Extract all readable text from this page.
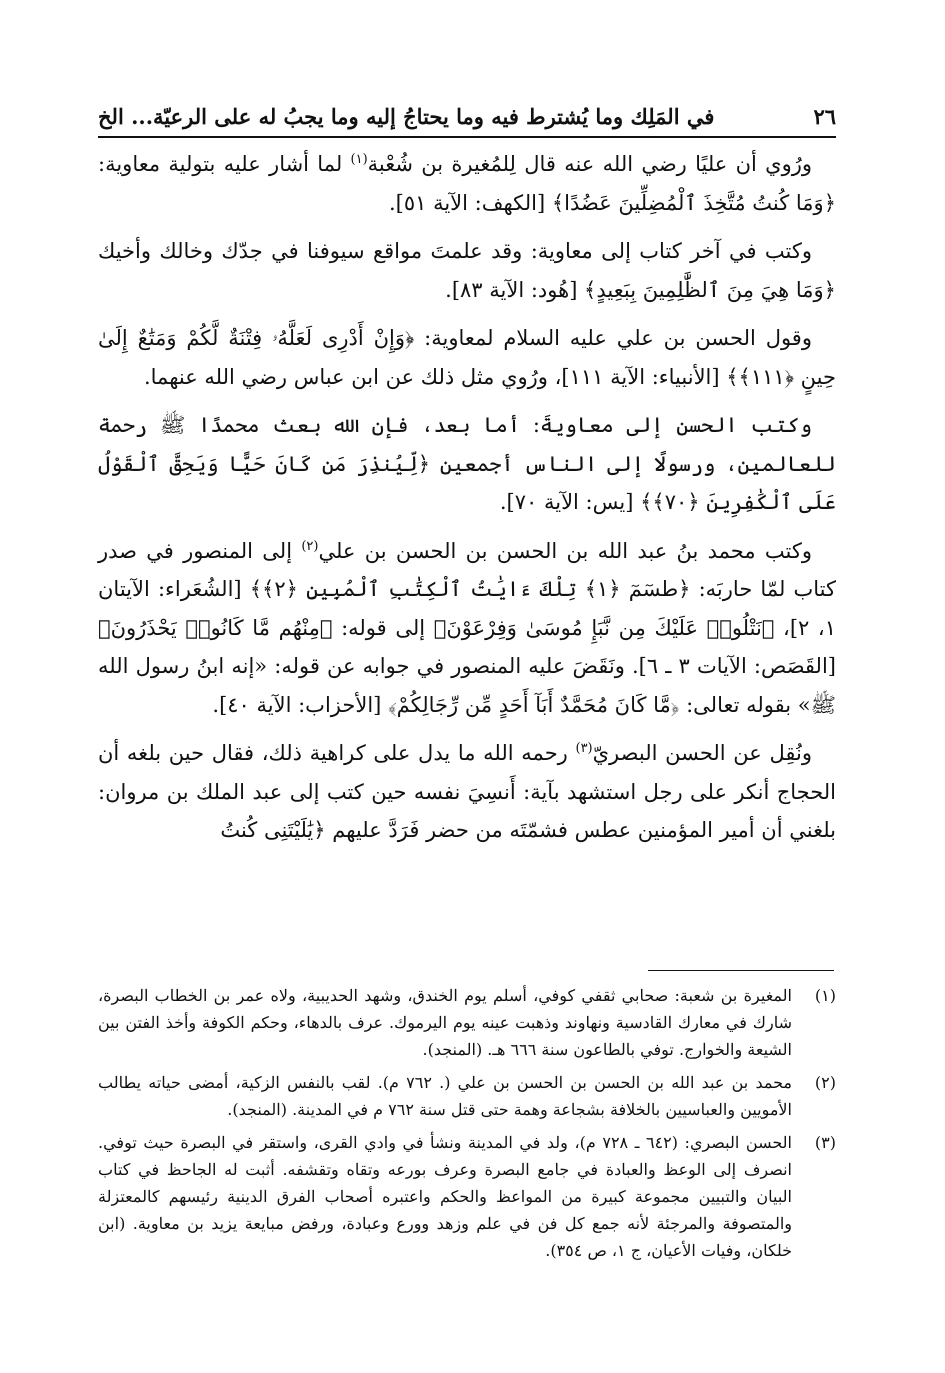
٢٦
في المَلِك وما يُشترط فيه وما يحتاجُ إليه وما يجبُ له على الرعيّة... الخ

ورُوي أن عليًا رضي الله عنه قال لِلمُغيرة بن شُعْبة$^{(١)}$ لما أشار عليه بتولية معاوية: ﴿وَمَا كُنتُ مُتَّخِذَ ٱلْمُضِلِّينَ عَضُدًا﴾ [الكهف: الآية ٥١].

وكتب في آخر كتاب إلى معاوية: وقد علمتَ مواقع سيوفنا في جدّك وخالك وأخيك ﴿وَمَا هِيَ مِنَ ٱلظَّٰلِمِينَ بِبَعِيدٍ﴾ [هُود: الآية ٨٣].

وقول الحسن بن علي عليه السلام لمعاوية: ﴿وَإِنْ أَدْرِى لَعَلَّهُۥ فِتْنَةٌ لَّكُمْ وَمَتَٰعٌ إِلَىٰ حِينٍ ﴿١١١﴾﴾ [الأنبياء: الآية ١١١]، ورُوي مثل ذلك عن ابن عباس رضي الله عنهما.

وكتب الحسن إلى معاويةَ: أما بعد، فإن الله بعث محمدًا ﷺ رحمة للعالمين، ورسولًا إلى الناس أجمعين ﴿لِّيُنذِرَ مَن كَانَ حَيًّا وَيَحِقَّ ٱلْقَوْلُ عَلَى ٱلْكَٰفِرِينَ ﴿٧٠﴾﴾ [يس: الآية ٧٠].

وكتب محمد بنُ عبد الله بن الحسن بن الحسن بن علي$^{(٢)}$ إلى المنصور في صدر كتاب لمّا حاربَه: ﴿طسٓمٓ ﴿١﴾ تِلْكَ ءَايَٰتُ ٱلْكِتَٰبِ ٱلْمُبِينِ ﴿٢﴾﴾ [الشُعَراء: الآيتان ١، ٢]، ﴿نَتْلُوا۟ عَلَيْكَ مِن نَّبَإِ مُوسَىٰ وَفِرْعَوْنَ﴾ إلى قوله: ﴿مِنْهُم مَّا كَانُوا۟ يَحْذَرُونَ﴾ [القَصَص: الآيات ٣ ـ ٦]. ونَقَضَ عليه المنصور في جوابه عن قوله: «إنه ابنُ رسول الله ﷺ» بقوله تعالى: ﴿مَّا كَانَ مُحَمَّدٌ أَبَآ أَحَدٍ مِّن رِّجَالِكُمْ﴾ [الأحزاب: الآية ٤٠].

ونُقِل عن الحسن البصريّ$^{(٣)}$ رحمه الله ما يدل على كراهية ذلك، فقال حين بلغه أن الحجاج أنكر على رجل استشهد بآية: أَنسِيَ نفسه حين كتب إلى عبد الملك بن مروان: بلغني أن أمير المؤمنين عطس فشمّتَه من حضر فَرَدَّ عليهم ﴿يَٰلَيْتَنِى كُنتُ

(١)
المغيرة بن شعبة: صحابي ثقفي كوفي، أسلم يوم الخندق، وشهد الحديبية، ولاه عمر بن الخطاب البصرة، شارك في معارك القادسية ونهاوند وذهبت عينه يوم اليرموك. عرف بالدهاء، وحكم الكوفة وأخذ الفتن بين الشيعة والخوارج. توفي بالطاعون سنة ٦٦٦ هـ. (المنجد).
(٢)
محمد بن عبد الله بن الحسن بن الحسن بن علي (. ٧٦٢ م). لقب بالنفس الزكية، أمضى حياته يطالب الأمويين والعباسيين بالخلافة بشجاعة وهمة حتى قتل سنة ٧٦٢ م في المدينة. (المنجد).
(٣)
الحسن البصري: (٦٤٢ ـ ٧٢٨ م)، ولد في المدينة ونشأ في وادي القرى، واستقر في البصرة حيث توفي. انصرف إلى الوعظ والعبادة في جامع البصرة وعرف بورعه وتقاه وتقشفه. أثبت له الجاحظ في كتاب البيان والتبيين مجموعة كبيرة من المواعظ والحكم واعتبره أصحاب الفرق الدينية رئيسهم كالمعتزلة والمتصوفة والمرجئة لأنه جمع كل فن في علم وزهد وورع وعبادة، ورفض مبايعة يزيد بن معاوية. (ابن خلكان، وفيات الأعيان، ج ١، ص ٣٥٤).
